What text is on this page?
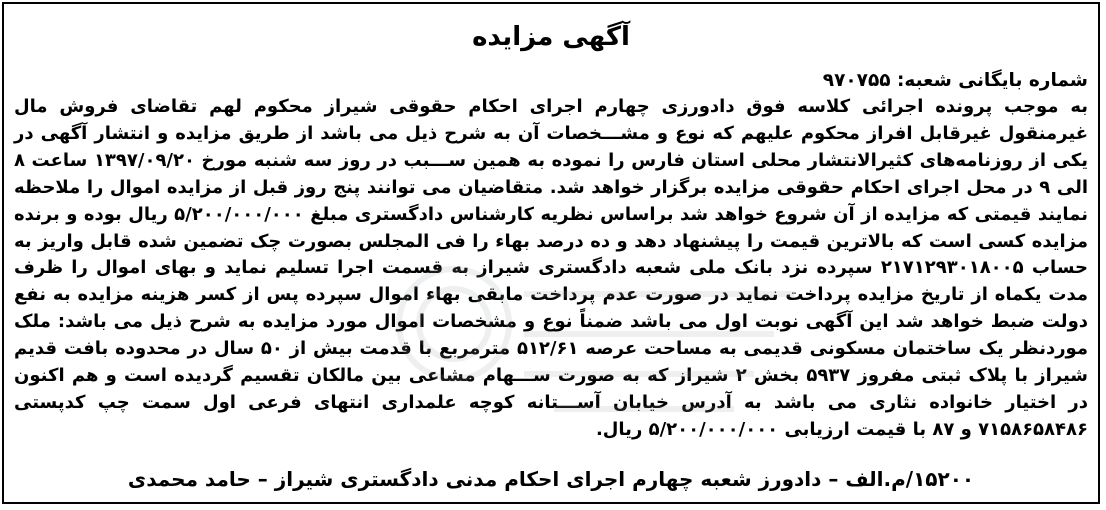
آگهی مزایده
شماره بایگانی شعبه: ۹۷۰۷۵۵
به موجب پرونده اجرائی کلاسه فوق دادورزی چهارم اجرای احکام حقوقی شیراز محکوم لهم تقاضای فروش مال غیرمنقول غیرقابل افراز محکوم علیهم که نوع و مشـــخصات آن به شرح ذیل می باشد از طریق مزایده و انتشار آگهی در یکی از روزنامه‌های کثیرالانتشار محلی استان فارس را نموده به همین ســـبب در روز سه شنبه مورخ ۱۳۹۷/۰۹/۲۰ ساعت ۸ الی ۹ در محل اجرای احکام حقوقی مزایده برگزار خواهد شد. متقاضیان می توانند پنج روز قبل از مزایده اموال را ملاحظه نمایند قیمتی که مزایده از آن شروع خواهد شد براساس نظریه کارشناس دادگستری مبلغ ۵/۲۰۰/۰۰۰/۰۰۰ ریال بوده و برنده مزایده کسی است که بالاترین قیمت را پیشنهاد دهد و ده درصد بهاء را فی المجلس بصورت چک تضمین شده قابل واریز به حساب ۲۱۷۱۲۹۳۰۱۸۰۰۵ سپرده نزد بانک ملی شعبه دادگستری شیراز به قسمت اجرا تسلیم نماید و بهای اموال را ظرف مدت یکماه از تاریخ مزایده پرداخت نماید در صورت عدم پرداخت مابقی بهاء اموال سپرده پس از کسر هزینه مزایده به نفع دولت ضبط خواهد شد این آگهی نوبت اول می باشد ضمناً نوع و مشخصات اموال مورد مزایده به شرح ذیل می باشد: ملک موردنظر یک ساختمان مسکونی قدیمی به مساحت عرصه ۵۱۲/۶۱ مترمربع با قدمت بیش از ۵۰ سال در محدوده بافت قدیم شیراز با پلاک ثبتی مفروز ۵۹۳۷ بخش ۲ شیراز که به صورت ســـهام مشاعی بین مالکان تقسیم گردیده است و هم اکنون در اختیار خانواده نثاری می باشد به آدرس خیابان آســـتانه کوچه علمداری انتهای فرعی اول سمت چپ کدپستی ۷۱۵۸۶۵۸۴۸۶ و ۸۷ با قیمت ارزیابی ۵/۲۰۰/۰۰۰/۰۰۰ ریال.
۱۵۲۰۰/م.الف – دادورز شعبه چهارم اجرای احکام مدنی دادگستری شیراز – حامد محمدی
